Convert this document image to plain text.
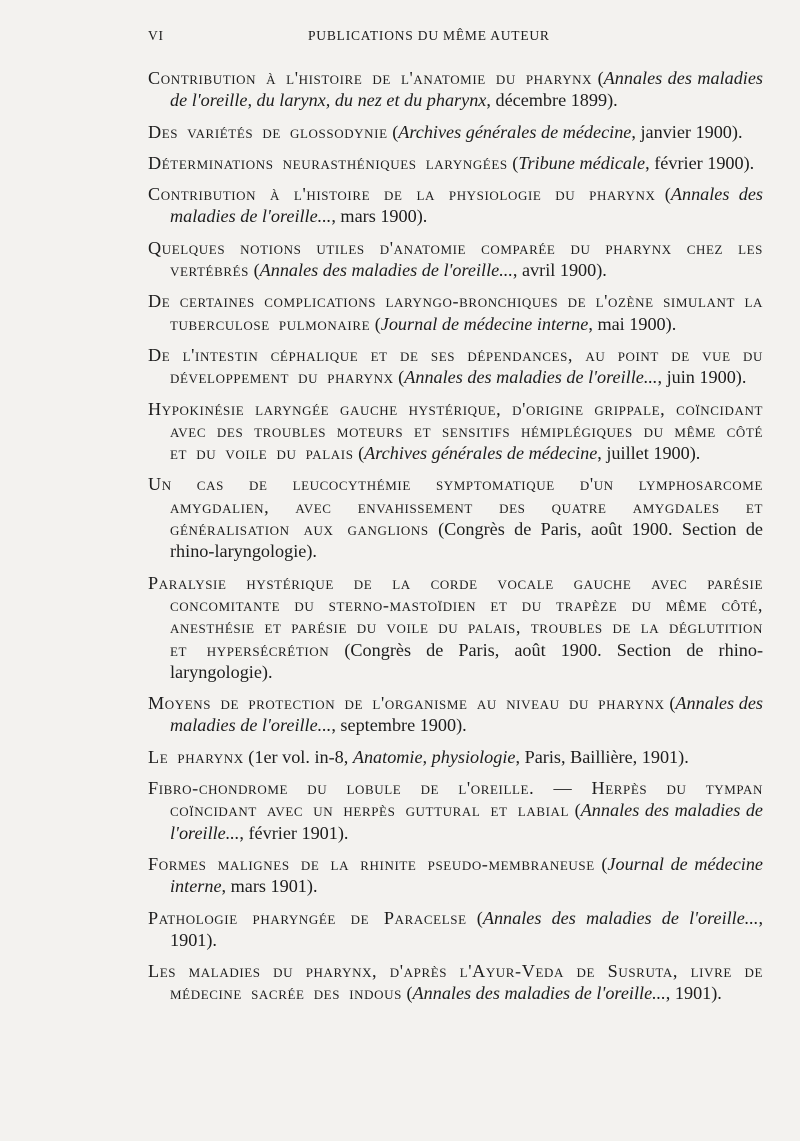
VI	PUBLICATIONS DU MÊME AUTEUR

Contribution à l'histoire de l'anatomie du pharynx (Annales des maladies de l'oreille, du larynx, du nez et du pharynx, décembre 1899).

Des variétés de glossodynie (Archives générales de médecine, janvier 1900).

Déterminations neurasthéniques laryngées (Tribune médicale, février 1900).

Contribution à l'histoire de la physiologie du pharynx (Annales des maladies de l'oreille..., mars 1900).

Quelques notions utiles d'anatomie comparée du pharynx chez les vertébrés (Annales des maladies de l'oreille..., avril 1900).

De certaines complications laryngo-bronchiques de l'ozène simulant la tuberculose pulmonaire (Journal de médecine interne, mai 1900).

De l'intestin céphalique et de ses dépendances, au point de vue du développement du pharynx (Annales des maladies de l'oreille..., juin 1900).

Hypokinésie laryngée gauche hystérique, d'origine grippale, coïncidant avec des troubles moteurs et sensitifs hémiplégiques du même côté et du voile du palais (Archives générales de médecine, juillet 1900).

Un cas de leucocythémie symptomatique d'un lymphosarcome amygdalien, avec envahissement des quatre amygdales et généralisation aux ganglions (Congrès de Paris, août 1900. Section de rhino-laryngologie).

Paralysie hystérique de la corde vocale gauche avec parésie concomitante du sterno-mastoïdien et du trapèze du même côté, anesthésie et parésie du voile du palais, troubles de la déglutition et hypersécrétion (Congrès de Paris, août 1900. Section de rhino-laryngologie).

Moyens de protection de l'organisme au niveau du pharynx (Annales des maladies de l'oreille..., septembre 1900).

Le pharynx (1er vol. in-8, Anatomie, physiologie, Paris, Baillière, 1901).

Fibro-chondrome du lobule de l'oreille. — Herpès du tympan coïncidant avec un herpès guttural et labial (Annales des maladies de l'oreille..., février 1901).

Formes malignes de la rhinite pseudo-membraneuse (Journal de médecine interne, mars 1901).

Pathologie pharyngée de Paracelse (Annales des maladies de l'oreille..., 1901).

Les maladies du pharynx, d'après l'Ayur-Veda de Susruta, livre de médecine sacrée des indous (Annales des maladies de l'oreille..., 1901).
